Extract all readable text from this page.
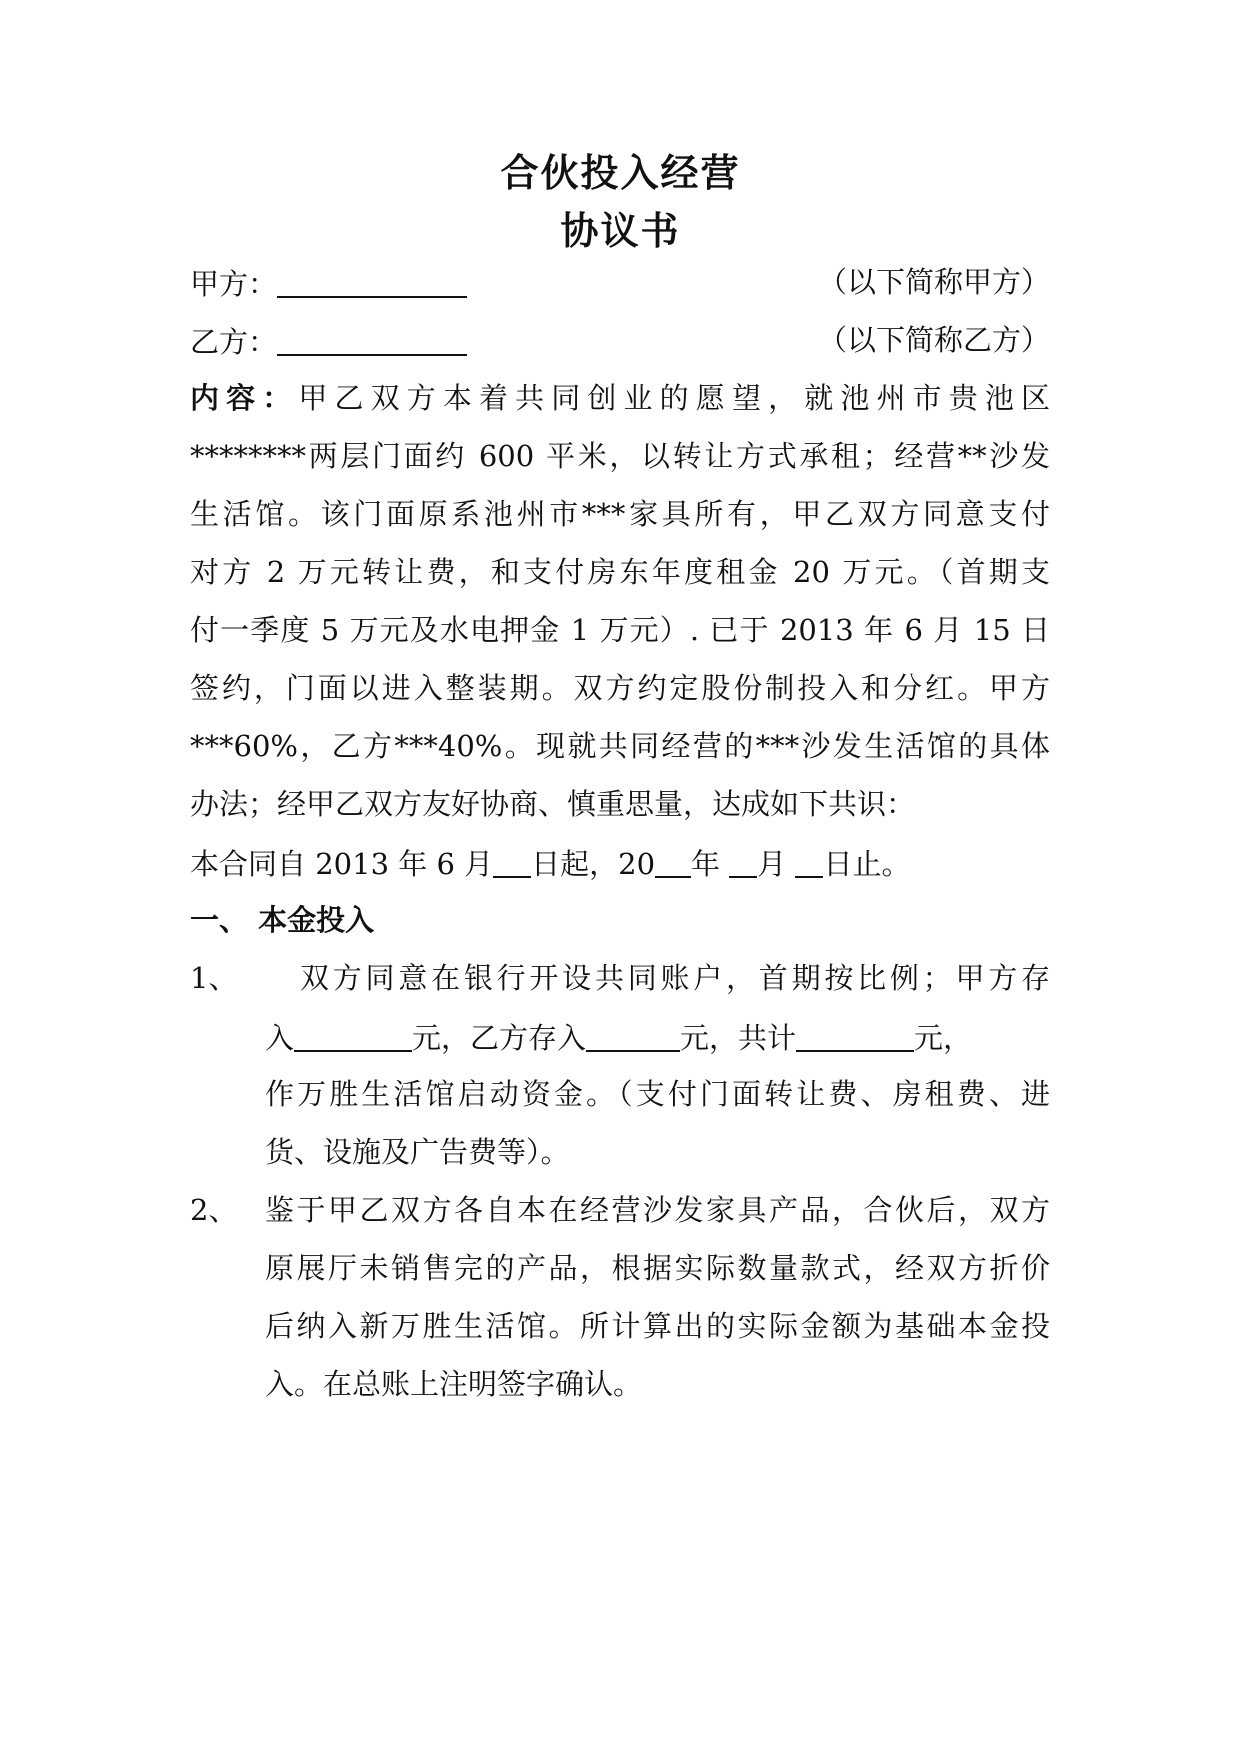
合伙投入经营
协议书
甲方：	（以下简称甲方）
乙方：	（以下简称乙方）
内容：甲乙双方本着共同创业的愿望，就池州市贵池区
********两层门面约 600 平米，以转让方式承租；经营**沙发
生活馆。该门面原系池州市***家具所有，甲乙双方同意支付
对方 2 万元转让费，和支付房东年度租金 20 万元。（首期支
付一季度 5 万元及水电押金 1 万元）. 已于 2013 年 6 月 15 日
签约，门面以进入整装期。双方约定股份制投入和分红。甲方
***60%，乙方***40%。现就共同经营的***沙发生活馆的具体
办法；经甲乙双方友好协商、慎重思量，达成如下共识：
本合同自 2013 年 6 月 日起，20 年 月 日止。
一、 本金投入
1、 双方同意在银行开设共同账户，首期按比例；甲方存
入	元，乙方存入	元，共计	元，
作万胜生活馆启动资金。（支付门面转让费、房租费、进
货、设施及广告费等）。
2、 鉴于甲乙双方各自本在经营沙发家具产品，合伙后，双方
原展厅未销售完的产品，根据实际数量款式，经双方折价
后纳入新万胜生活馆。所计算出的实际金额为基础本金投
入。在总账上注明签字确认。
